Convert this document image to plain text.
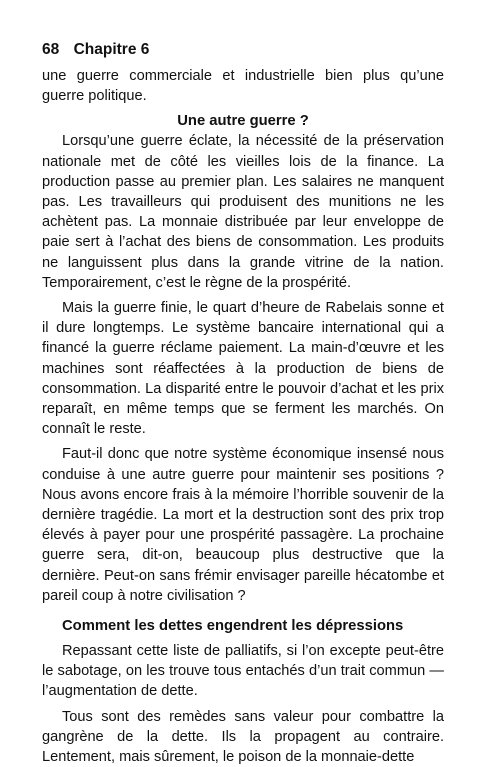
68 Chapitre 6

une guerre commerciale et industrielle bien plus qu’une guerre politique.

Une autre guerre ?

Lorsqu’une guerre éclate, la nécessité de la préservation nationale met de côté les vieilles lois de la finance. La production passe au premier plan. Les salaires ne manquent pas. Les travailleurs qui produisent des munitions ne les achètent pas. La monnaie distribuée par leur enveloppe de paie sert à l’achat des biens de consommation. Les produits ne languissent plus dans la grande vitrine de la nation. Temporairement, c’est le règne de la prospérité.

Mais la guerre finie, le quart d’heure de Rabelais sonne et il dure longtemps. Le système bancaire international qui a financé la guerre réclame paiement. La main-d’œuvre et les machines sont réaffectées à la production de biens de consommation. La disparité entre le pouvoir d’achat et les prix reparaît, en même temps que se ferment les marchés. On connaît le reste.

Faut-il donc que notre système économique insensé nous conduise à une autre guerre pour maintenir ses positions ? Nous avons encore frais à la mémoire l’horrible souvenir de la dernière tragédie. La mort et la destruction sont des prix trop élevés à payer pour une prospérité passagère. La prochaine guerre sera, dit-on, beaucoup plus destructive que la dernière. Peut-on sans frémir envisager pareille hécatombe et pareil coup à notre civilisation ?

Comment les dettes engendrent les dépressions

Repassant cette liste de palliatifs, si l’on excepte peut-être le sabotage, on les trouve tous entachés d’un trait commun — l’augmentation de dette.

Tous sont des remèdes sans valeur pour combattre la gangrène de la dette. Ils la propagent au contraire. Lentement, mais sûrement, le poison de la monnaie-dette
